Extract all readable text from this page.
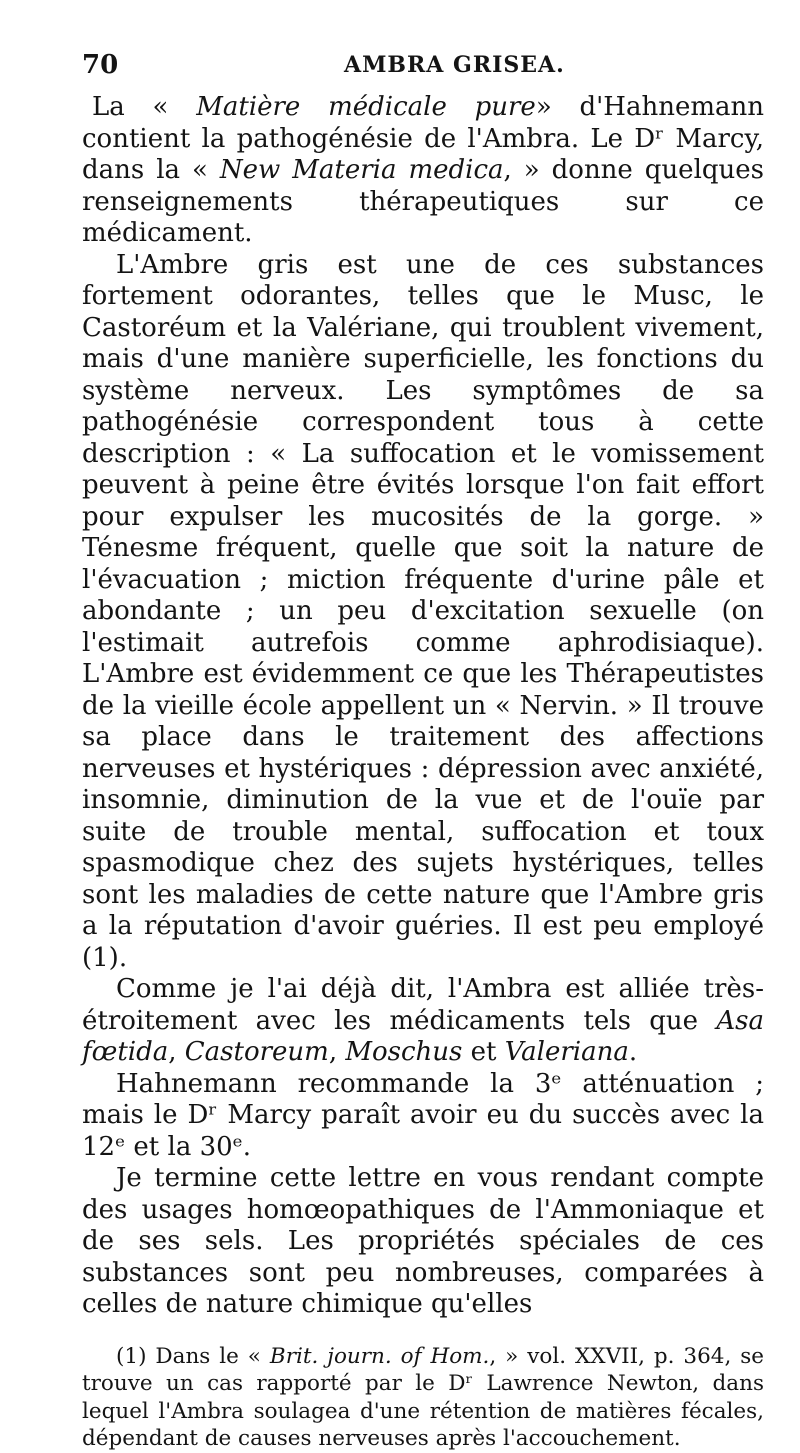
70	AMBRA GRISEA.

La « Matière médicale pure» d'Hahnemann contient la pathogénésie de l'Ambra. Le Dʳ Marcy, dans la « New Materia medica, » donne quelques renseignements thérapeutiques sur ce médicament.

L'Ambre gris est une de ces substances fortement odorantes, telles que le Musc, le Castoréum et la Valériane, qui troublent vivement, mais d'une manière superficielle, les fonctions du système nerveux. Les symptômes de sa pathogénésie correspondent tous à cette description : « La suffocation et le vomissement peuvent à peine être évités lorsque l'on fait effort pour expulser les mucosités de la gorge. » Ténesme fréquent, quelle que soit la nature de l'évacuation ; miction fréquente d'urine pâle et abondante ; un peu d'excitation sexuelle (on l'estimait autrefois comme aphrodisiaque). L'Ambre est évidemment ce que les Thérapeutistes de la vieille école appellent un « Nervin. » Il trouve sa place dans le traitement des affections nerveuses et hystériques : dépression avec anxiété, insomnie, diminution de la vue et de l'ouïe par suite de trouble mental, suffocation et toux spasmodique chez des sujets hystériques, telles sont les maladies de cette nature que l'Ambre gris a la réputation d'avoir guéries. Il est peu employé (1).

Comme je l'ai déjà dit, l'Ambra est alliée très-étroitement avec les médicaments tels que Asa fœtida, Castoreum, Moschus et Valeriana.

Hahnemann recommande la 3ᵉ atténuation ; mais le Dʳ Marcy paraît avoir eu du succès avec la 12ᵉ et la 30ᵉ.

Je termine cette lettre en vous rendant compte des usages homœopathiques de l'Ammoniaque et de ses sels. Les propriétés spéciales de ces substances sont peu nombreuses, comparées à celles de nature chimique qu'elles

(1) Dans le « Brit. journ. of Hom., » vol. XXVII, p. 364, se trouve un cas rapporté par le Dʳ Lawrence Newton, dans lequel l'Ambra soulagea d'une rétention de matières fécales, dépendant de causes nerveuses après l'accouchement.
